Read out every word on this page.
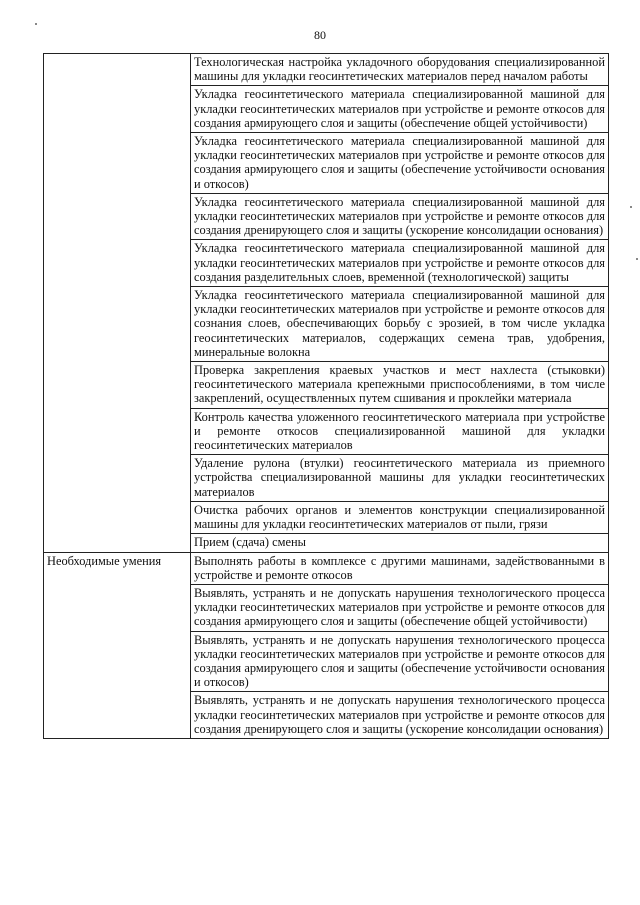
80
	Технологическая настройка укладочного оборудования специализированной машины для укладки геосинтетических материалов перед началом работы
	Укладка геосинтетического материала специализированной машиной для укладки геосинтетических материалов при устройстве и ремонте откосов для создания армирующего слоя и защиты (обеспечение общей устойчивости)
	Укладка геосинтетического материала специализированной машиной для укладки геосинтетических материалов при устройстве и ремонте откосов для создания армирующего слоя и защиты (обеспечение устойчивости основания и откосов)
	Укладка геосинтетического материала специализированной машиной для укладки геосинтетических материалов при устройстве и ремонте откосов для создания дренирующего слоя и защиты (ускорение консолидации основания)
	Укладка геосинтетического материала специализированной машиной для укладки геосинтетических материалов при устройстве и ремонте откосов для создания разделительных слоев, временной (технологической) защиты
	Укладка геосинтетического материала специализированной машиной для укладки геосинтетических материалов при устройстве и ремонте откосов для сознания слоев, обеспечивающих борьбу с эрозией, в том числе укладка геосинтетических материалов, содержащих семена трав, удобрения, минеральные волокна
	Проверка закрепления краевых участков и мест нахлеста (стыковки) геосинтетического материала крепежными приспособлениями, в том числе закреплений, осуществленных путем сшивания и проклейки материала
	Контроль качества уложенного геосинтетического материала при устройстве и ремонте откосов специализированной машиной для укладки геосинтетических материалов
	Удаление рулона (втулки) геосинтетического материала из приемного устройства специализированной машины для укладки геосинтетических материалов
	Очистка рабочих органов и элементов конструкции специализированной машины для укладки геосинтетических материалов от пыли, грязи
	Прием (сдача) смены
Необходимые умения	Выполнять работы в комплексе с другими машинами, задействованными в устройстве и ремонте откосов
	Выявлять, устранять и не допускать нарушения технологического процесса укладки геосинтетических материалов при устройстве и ремонте откосов для создания армирующего слоя и защиты (обеспечение общей устойчивости)
	Выявлять, устранять и не допускать нарушения технологического процесса укладки геосинтетических материалов при устройстве и ремонте откосов для создания армирующего слоя и защиты (обеспечение устойчивости основания и откосов)
	Выявлять, устранять и не допускать нарушения технологического процесса укладки геосинтетических материалов при устройстве и ремонте откосов для создания дренирующего слоя и защиты (ускорение консолидации основания)
